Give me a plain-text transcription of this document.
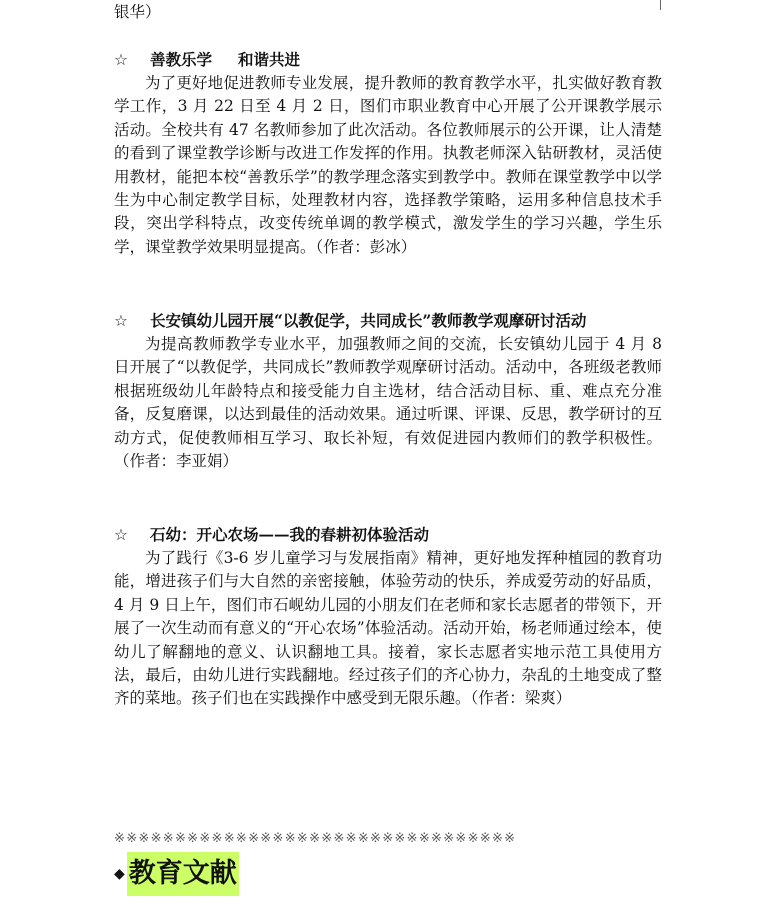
银华）

☆ 善教乐学 和谐共进

为了更好地促进教师专业发展，提升教师的教育教学水平，扎实做好教育教学工作，3 月 22 日至 4 月 2 日，图们市职业教育中心开展了公开课教学展示活动。全校共有 47 名教师参加了此次活动。各位教师展示的公开课，让人清楚的看到了课堂教学诊断与改进工作发挥的作用。执教老师深入钻研教材，灵活使用教材，能把本校“善教乐学”的教学理念落实到教学中。教师在课堂教学中以学生为中心制定教学目标，处理教材内容，选择教学策略，运用多种信息技术手段，突出学科特点，改变传统单调的教学模式，激发学生的学习兴趣，学生乐学，课堂教学效果明显提高。（作者：彭冰）

☆ 长安镇幼儿园开展“以教促学，共同成长”教师教学观摩研讨活动

为提高教师教学专业水平，加强教师之间的交流，长安镇幼儿园于 4 月 8 日开展了“以教促学，共同成长”教师教学观摩研讨活动。活动中，各班级老教师根据班级幼儿年龄特点和接受能力自主选材，结合活动目标、重、难点充分准备，反复磨课，以达到最佳的活动效果。通过听课、评课、反思，教学研讨的互动方式，促使教师相互学习、取长补短，有效促进园内教师们的教学积极性。（作者：李亚娟）

☆ 石幼：开心农场——我的春耕初体验活动

为了践行《3-6 岁儿童学习与发展指南》精神，更好地发挥种植园的教育功能，增进孩子们与大自然的亲密接触，体验劳动的快乐，养成爱劳动的好品质，4 月 9 日上午，图们市石岘幼儿园的小朋友们在老师和家长志愿者的带领下，开展了一次生动而有意义的“开心农场”体验活动。活动开始，杨老师通过绘本，使幼儿了解翻地的意义、认识翻地工具。接着，家长志愿者实地示范工具使用方法，最后，由幼儿进行实践翻地。经过孩子们的齐心协力，杂乱的土地变成了整齐的菜地。孩子们也在实践操作中感受到无限乐趣。（作者：梁爽）

※※※※※※※※※※※※※※※※※※※※※※※※※※※※※※※※※
◆ 教育文献
